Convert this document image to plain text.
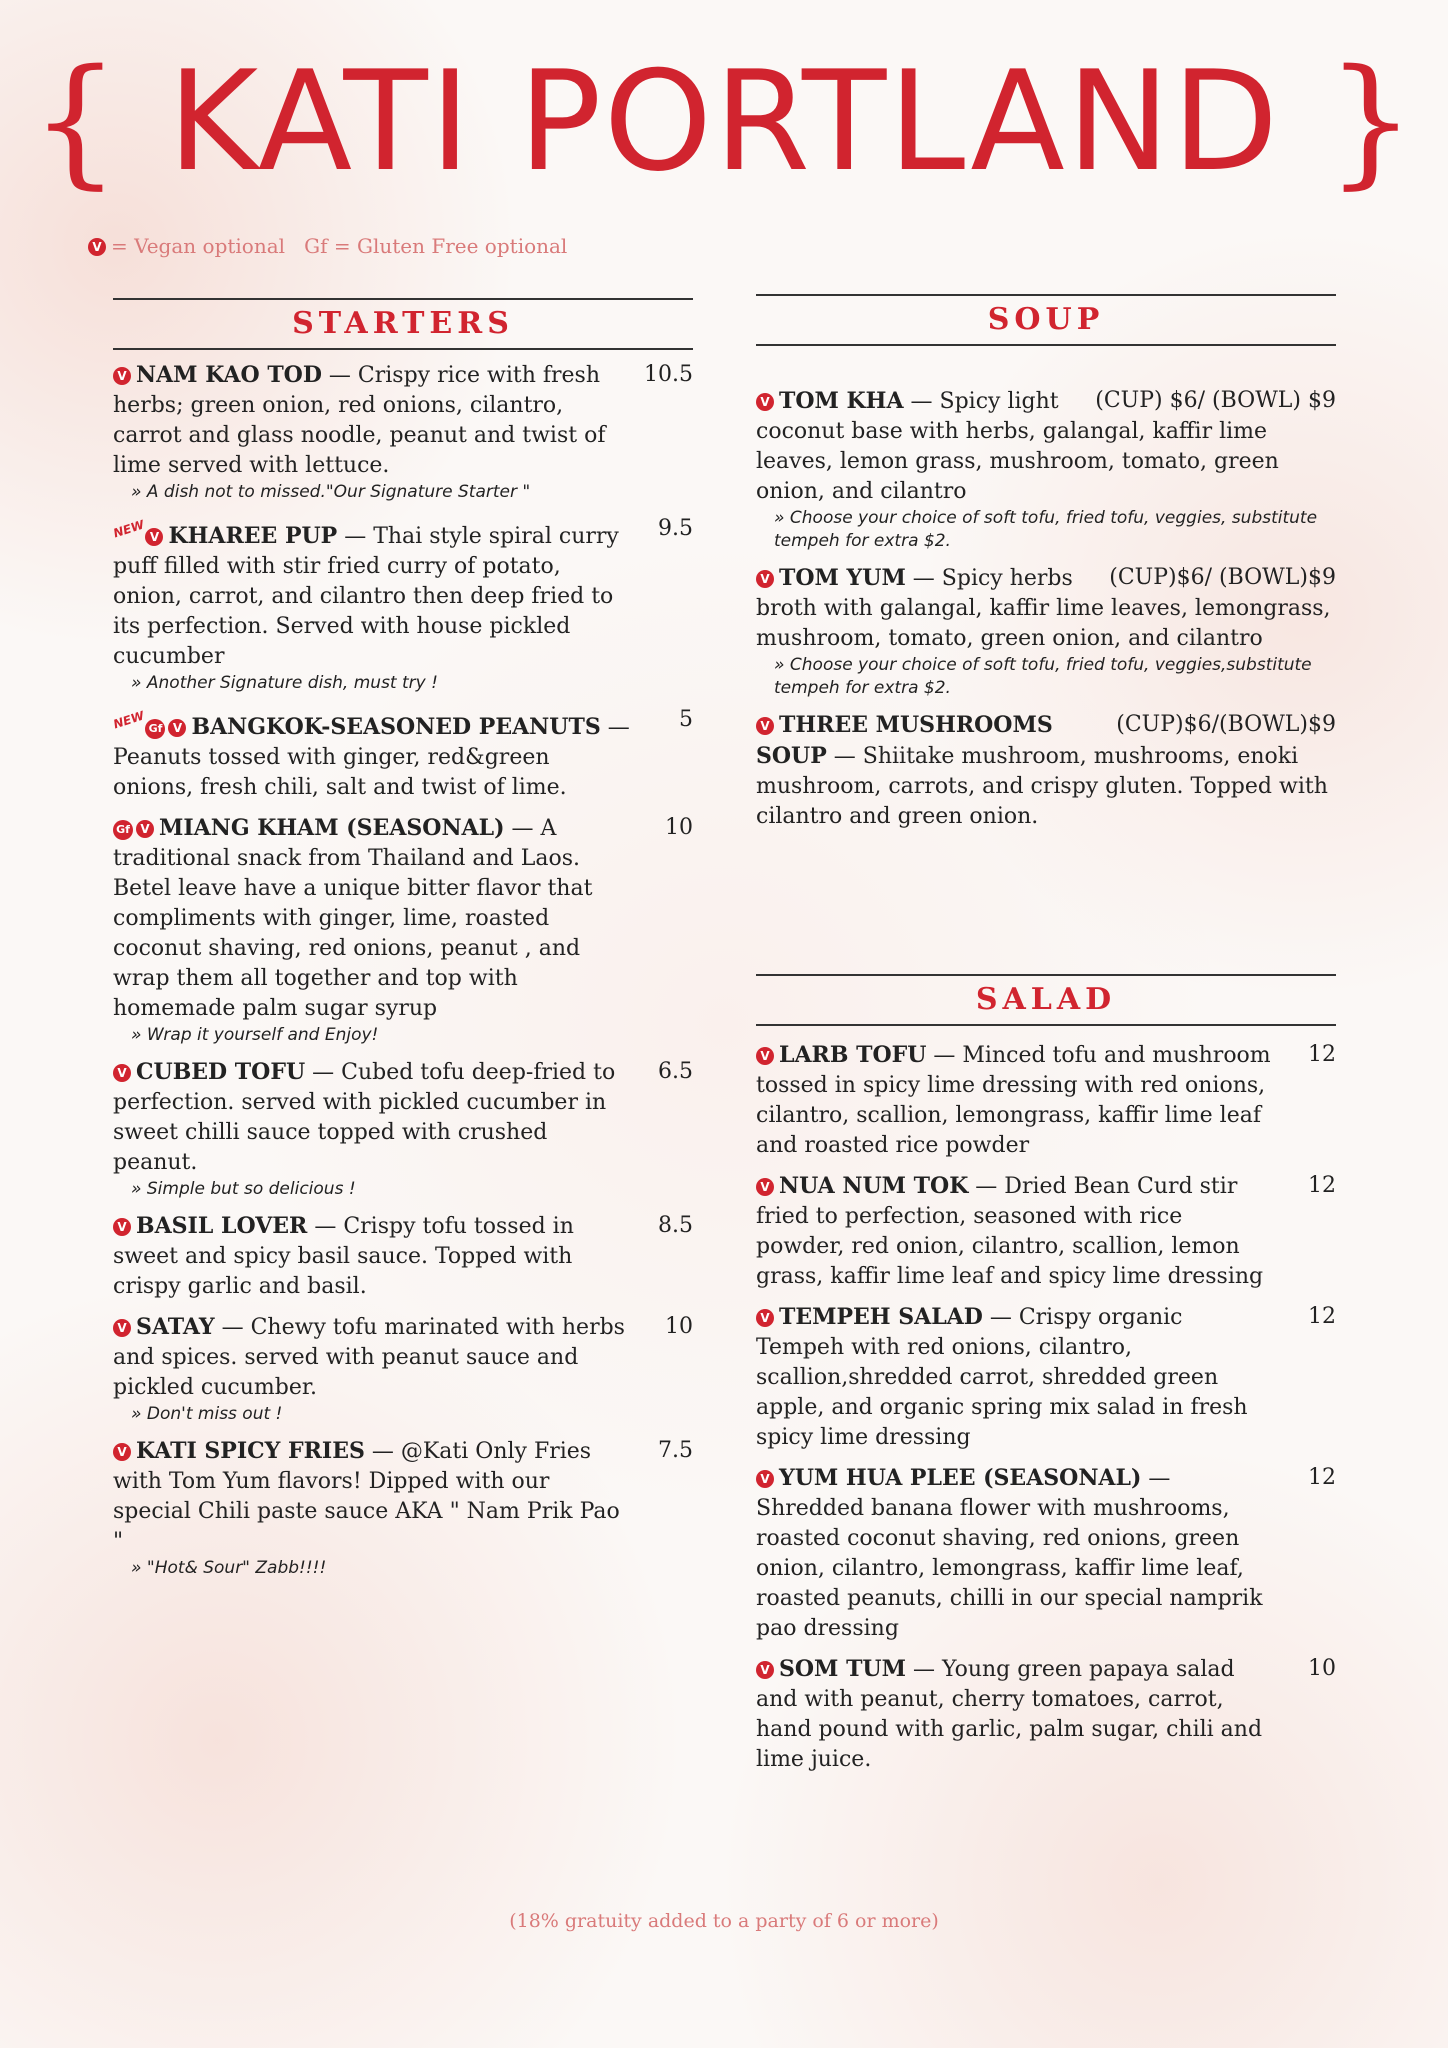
{ KATI PORTLAND }
V = Vegan optional Gf = Gluten Free optional
STARTERS
V NAM KAO TOD — Crispy rice with fresh herbs; green onion, red onions, cilantro, carrot and glass noodle, peanut and twist of lime served with lettuce.
10.5
» A dish not to missed."Our Signature Starter "
NEW V KHAREE PUP — Thai style spiral curry puff filled with stir fried curry of potato, onion, carrot, and cilantro then deep fried to its perfection. Served with house pickled cucumber
9.5
» Another Signature dish, must try !
NEW Gf V BANGKOK-SEASONED PEANUTS — Peanuts tossed with ginger, red&green onions, fresh chili, salt and twist of lime.
5
Gf V MIANG KHAM (SEASONAL) — A traditional snack from Thailand and Laos. Betel leave have a unique bitter flavor that compliments with ginger, lime, roasted coconut shaving, red onions, peanut , and wrap them all together and top with homemade palm sugar syrup
10
» Wrap it yourself and Enjoy!
V CUBED TOFU — Cubed tofu deep-fried to perfection. served with pickled cucumber in sweet chilli sauce topped with crushed peanut.
6.5
» Simple but so delicious !
V BASIL LOVER — Crispy tofu tossed in sweet and spicy basil sauce. Topped with crispy garlic and basil.
8.5
V SATAY — Chewy tofu marinated with herbs and spices. served with peanut sauce and pickled cucumber.
10
» Don't miss out !
V KATI SPICY FRIES — @Kati Only Fries with Tom Yum flavors! Dipped with our special Chili paste sauce AKA " Nam Prik Pao "
7.5
» "Hot& Sour" Zabb!!!!
SOUP
V TOM KHA — Spicy light coconut base with herbs, galangal, kaffir lime leaves, lemon grass, mushroom, tomato, green onion, and cilantro
(CUP) $6/ (BOWL) $9
» Choose your choice of soft tofu, fried tofu, veggies, substitute tempeh for extra $2.
V TOM YUM — Spicy herbs broth with galangal, kaffir lime leaves, lemongrass, mushroom, tomato, green onion, and cilantro
(CUP)$6/ (BOWL)$9
» Choose your choice of soft tofu, fried tofu, veggies,substitute tempeh for extra $2.
V THREE MUSHROOMS SOUP — Shiitake mushroom, mushrooms, enoki mushroom, carrots, and crispy gluten. Topped with cilantro and green onion.
(CUP)$6/(BOWL)$9
SALAD
V LARB TOFU — Minced tofu and mushroom tossed in spicy lime dressing with red onions, cilantro, scallion, lemongrass, kaffir lime leaf and roasted rice powder
12
V NUA NUM TOK — Dried Bean Curd stir fried to perfection, seasoned with rice powder, red onion, cilantro, scallion, lemon grass, kaffir lime leaf and spicy lime dressing
12
V TEMPEH SALAD — Crispy organic Tempeh with red onions, cilantro, scallion,shredded carrot, shredded green apple, and organic spring mix salad in fresh spicy lime dressing
12
V YUM HUA PLEE (SEASONAL) — Shredded banana flower with mushrooms, roasted coconut shaving, red onions, green onion, cilantro, lemongrass, kaffir lime leaf, roasted peanuts, chilli in our special namprik pao dressing
12
V SOM TUM — Young green papaya salad and with peanut, cherry tomatoes, carrot, hand pound with garlic, palm sugar, chili and lime juice.
10
(18% gratuity added to a party of 6 or more)
